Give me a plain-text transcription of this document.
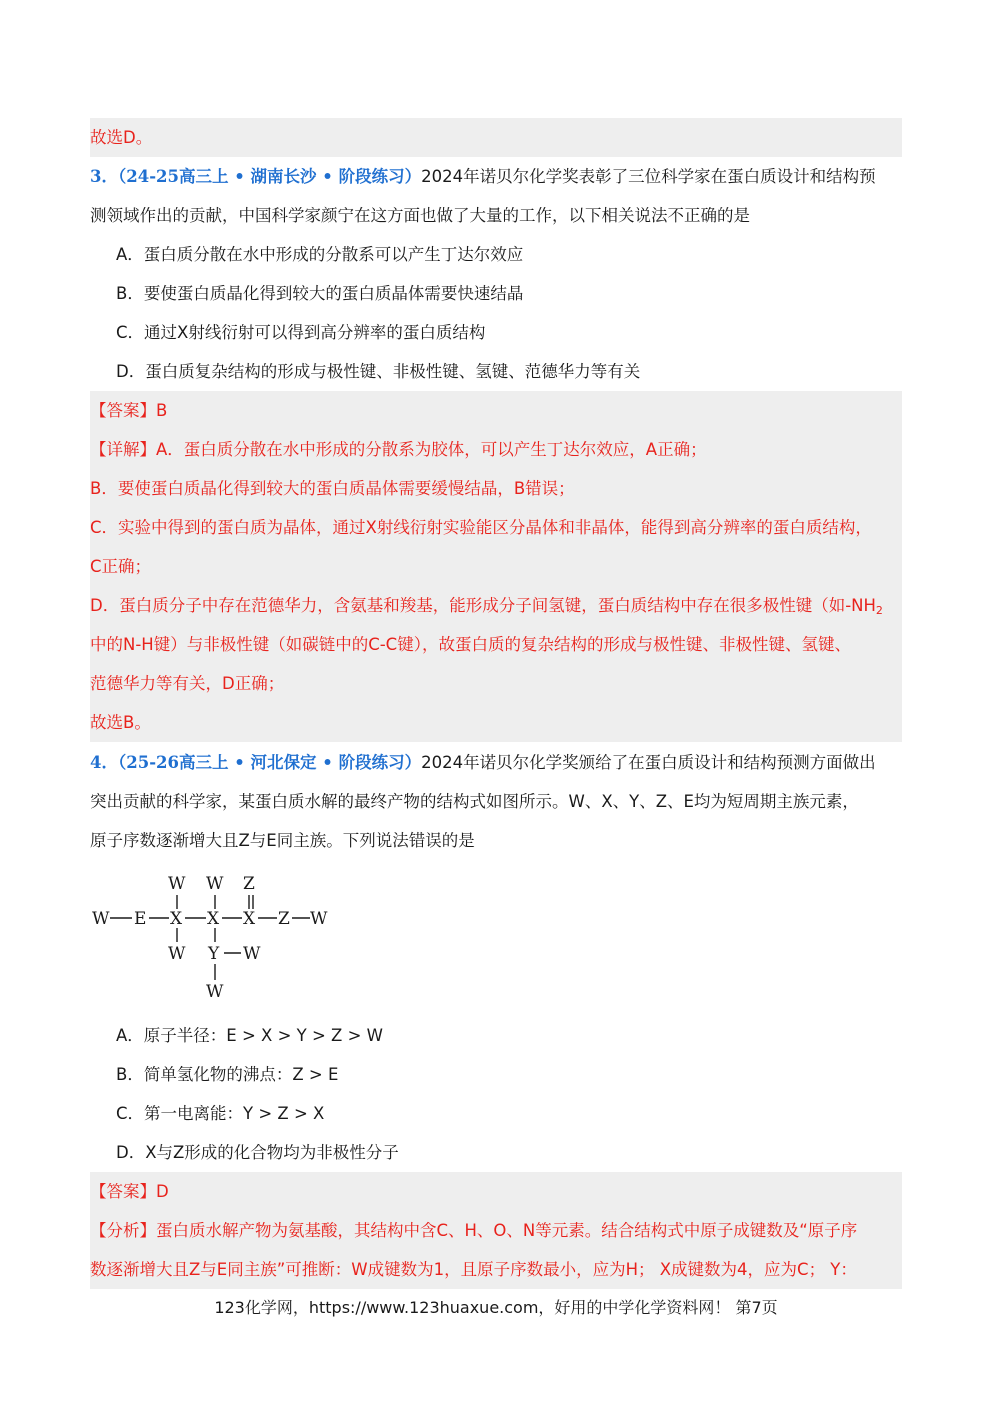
故选D。
3．（24-25高三上 • 湖南长沙 • 阶段练习）2024年诺贝尔化学奖表彰了三位科学家在蛋白质设计和结构预
测领域作出的贡献，中国科学家颜宁在这方面也做了大量的工作，以下相关说法不正确的是
A．蛋白质分散在水中形成的分散系可以产生丁达尔效应
B．要使蛋白质晶化得到较大的蛋白质晶体需要快速结晶
C．通过X射线衍射可以得到高分辨率的蛋白质结构
D．蛋白质复杂结构的形成与极性键、非极性键、氢键、范德华力等有关
【答案】B
【详解】A．蛋白质分散在水中形成的分散系为胶体，可以产生丁达尔效应，A正确；
B．要使蛋白质晶化得到较大的蛋白质晶体需要缓慢结晶，B错误；
C．实验中得到的蛋白质为晶体，通过X射线衍射实验能区分晶体和非晶体，能得到高分辨率的蛋白质结构，
C正确；
D．蛋白质分子中存在范德华力，含氨基和羧基，能形成分子间氢键，蛋白质结构中存在很多极性键（如$-NH_2$
中的N-H键）与非极性键（如碳链中的C-C键），故蛋白质的复杂结构的形成与极性键、非极性键、氢键、
范德华力等有关，D正确；
故选B。
4．（25-26高三上 • 河北保定 • 阶段练习）2024年诺贝尔化学奖颁给了在蛋白质设计和结构预测方面做出
突出贡献的科学家，某蛋白质水解的最终产物的结构式如图所示。W、X、Y、Z、E均为短周期主族元素，
原子序数逐渐增大且Z与E同主族。下列说法错误的是
W W Z
W E X X X Z W
W Y W
W
A．原子半径：E > X > Y > Z > W
B．简单氢化物的沸点：Z > E
C．第一电离能：Y > Z > X
D．X与Z形成的化合物均为非极性分子
【答案】D
【分析】蛋白质水解产物为氨基酸，其结构中含C、H、O、N等元素。结合结构式中原子成键数及“原子序
数逐渐增大且Z与E同主族”可推断：W成键数为1，且原子序数最小，应为H； X成键数为4，应为C； Y：
123化学网，https://www.123huaxue.com，好用的中学化学资料网！ 第7页
